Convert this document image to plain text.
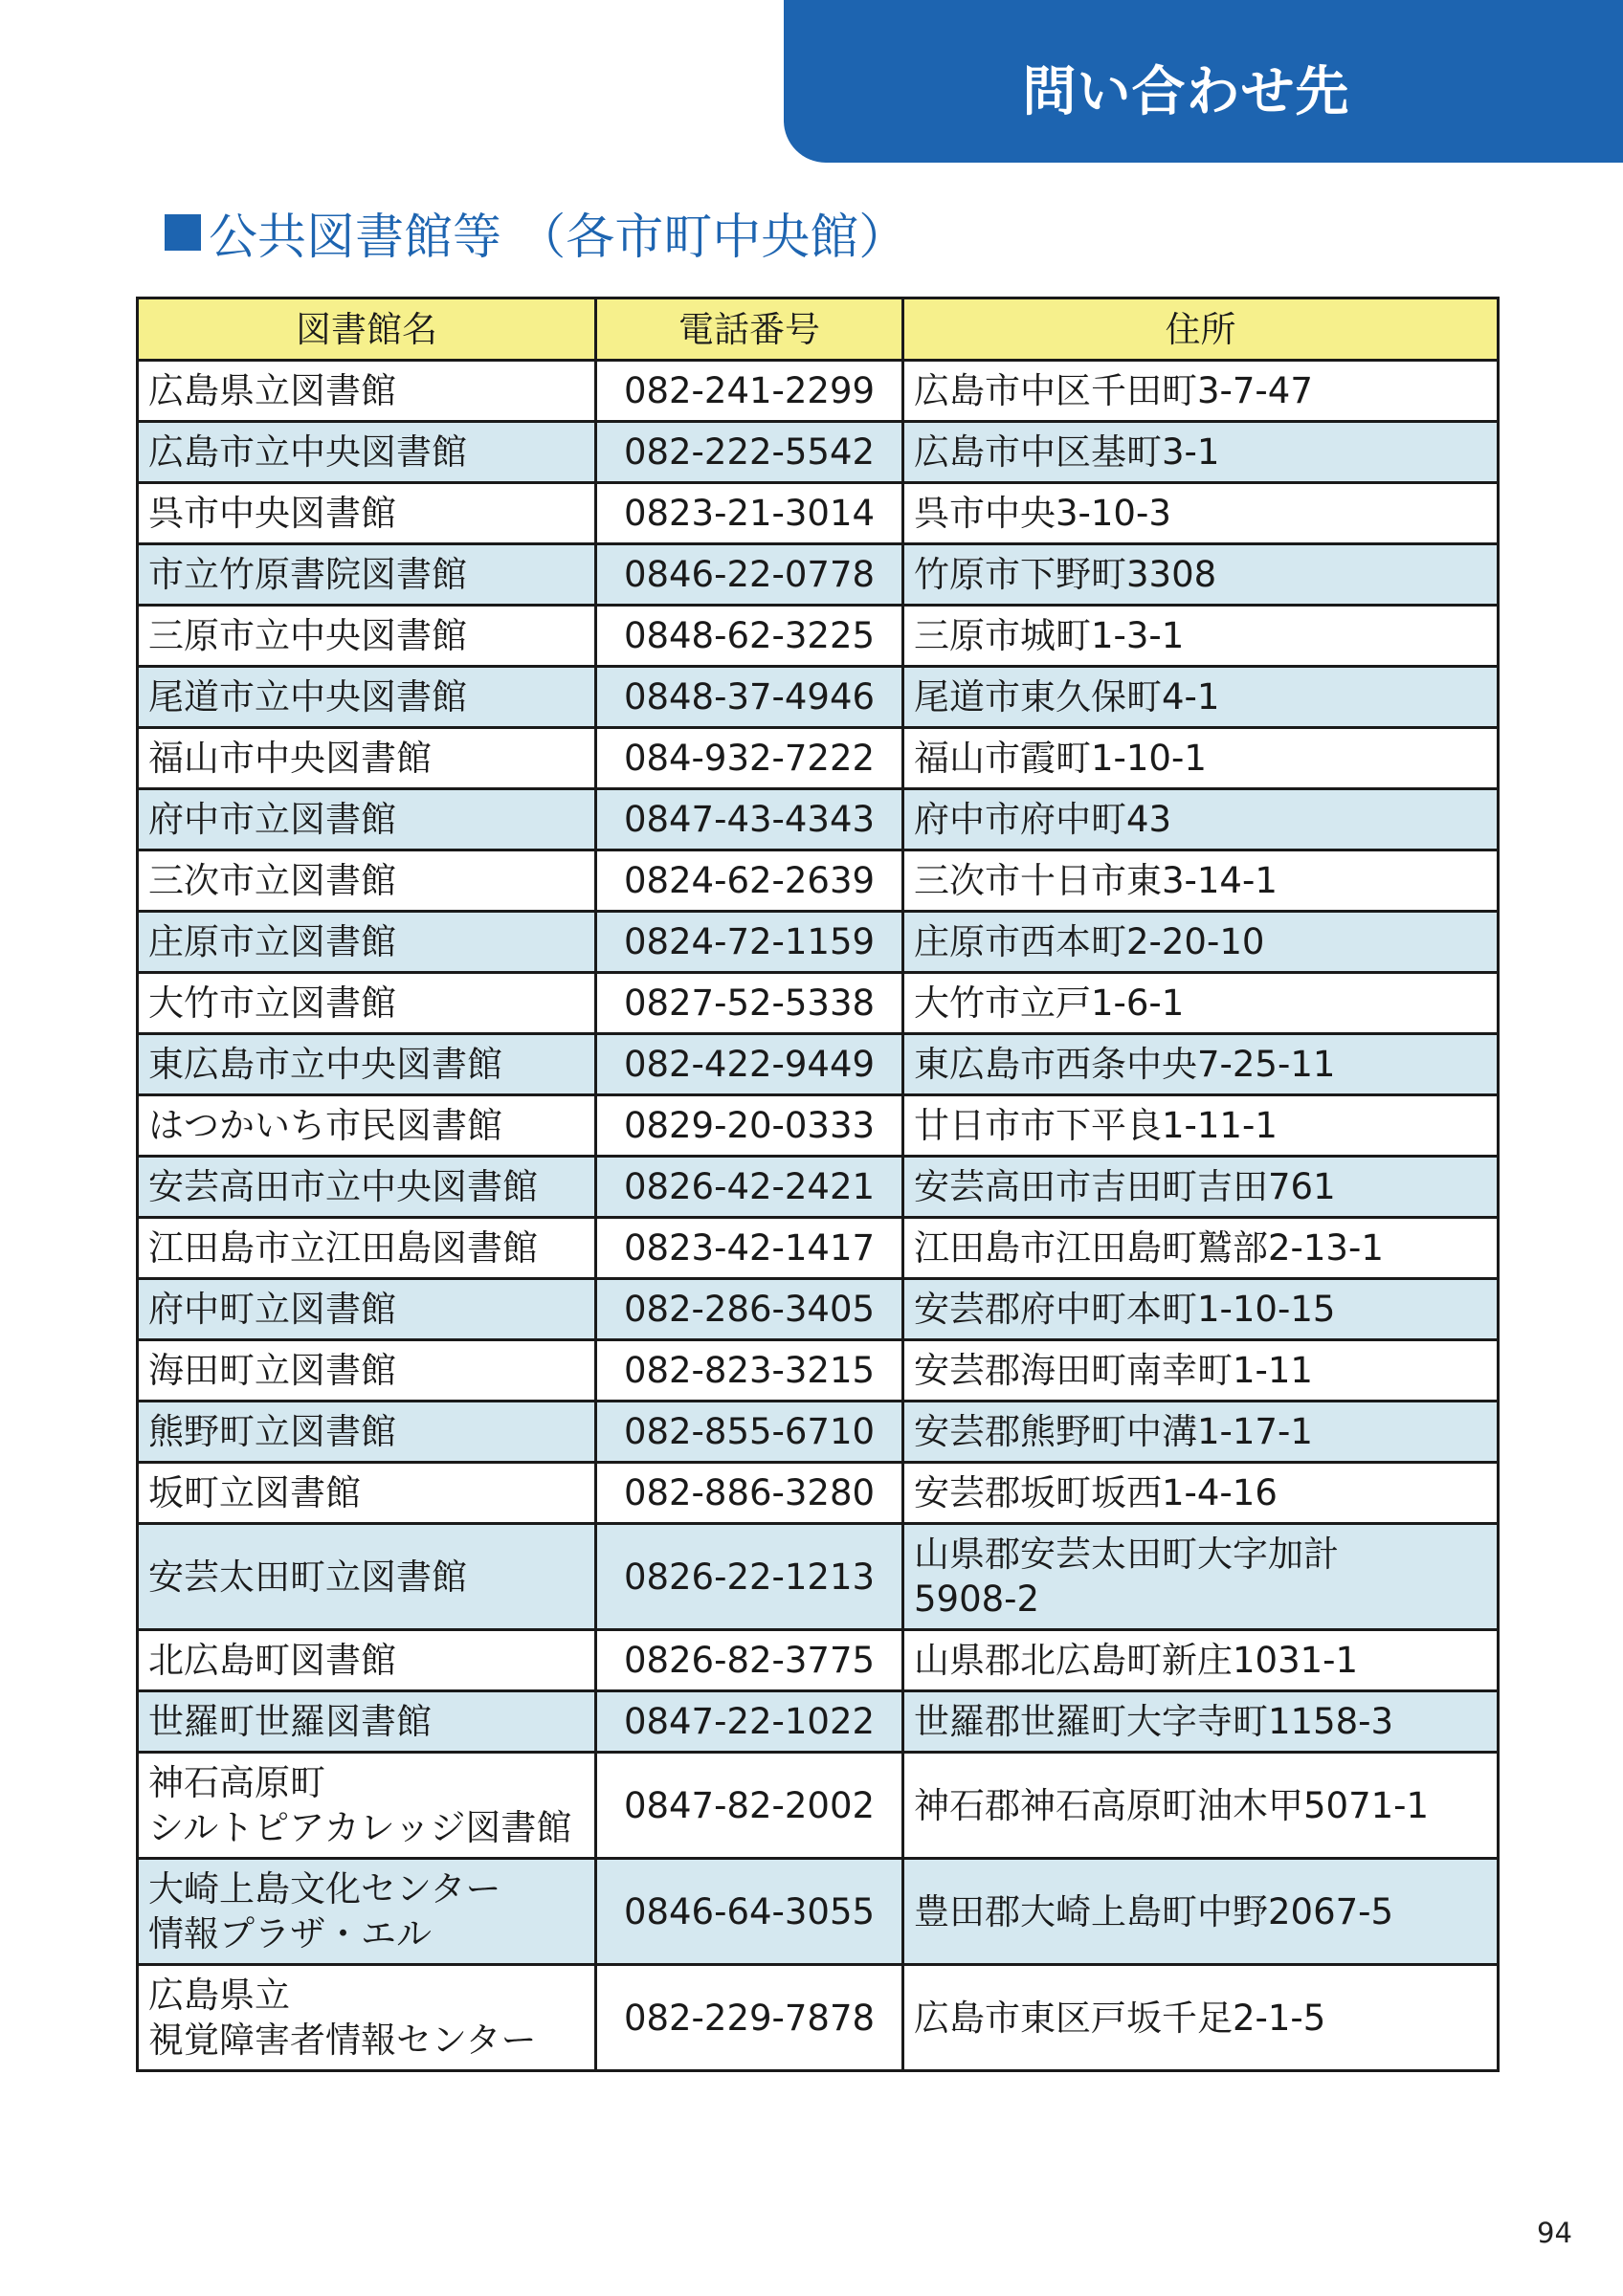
問い合わせ先
公共図書館等 （各市町中央館）
図書館名	電話番号	住所
広島県立図書館	082-241-2299	広島市中区千田町3-7-47
広島市立中央図書館	082-222-5542	広島市中区基町3-1
呉市中央図書館	0823-21-3014	呉市中央3-10-3
市立竹原書院図書館	0846-22-0778	竹原市下野町3308
三原市立中央図書館	0848-62-3225	三原市城町1-3-1
尾道市立中央図書館	0848-37-4946	尾道市東久保町4-1
福山市中央図書館	084-932-7222	福山市霞町1-10-1
府中市立図書館	0847-43-4343	府中市府中町43
三次市立図書館	0824-62-2639	三次市十日市東3-14-1
庄原市立図書館	0824-72-1159	庄原市西本町2-20-10
大竹市立図書館	0827-52-5338	大竹市立戸1-6-1
東広島市立中央図書館	082-422-9449	東広島市西条中央7-25-11
はつかいち市民図書館	0829-20-0333	廿日市市下平良1-11-1
安芸高田市立中央図書館	0826-42-2421	安芸高田市吉田町吉田761
江田島市立江田島図書館	0823-42-1417	江田島市江田島町鷲部2-13-1
府中町立図書館	082-286-3405	安芸郡府中町本町1-10-15
海田町立図書館	082-823-3215	安芸郡海田町南幸町1-11
熊野町立図書館	082-855-6710	安芸郡熊野町中溝1-17-1
坂町立図書館	082-886-3280	安芸郡坂町坂西1-4-16
安芸太田町立図書館	0826-22-1213	山県郡安芸太田町大字加計
5908-2
北広島町図書館	0826-82-3775	山県郡北広島町新庄1031-1
世羅町世羅図書館	0847-22-1022	世羅郡世羅町大字寺町1158-3
神石高原町
シルトピアカレッジ図書館	0847-82-2002	神石郡神石高原町油木甲5071-1
大崎上島文化センター
情報プラザ・エル	0846-64-3055	豊田郡大崎上島町中野2067-5
広島県立
視覚障害者情報センター	082-229-7878	広島市東区戸坂千足2-1-5
94
